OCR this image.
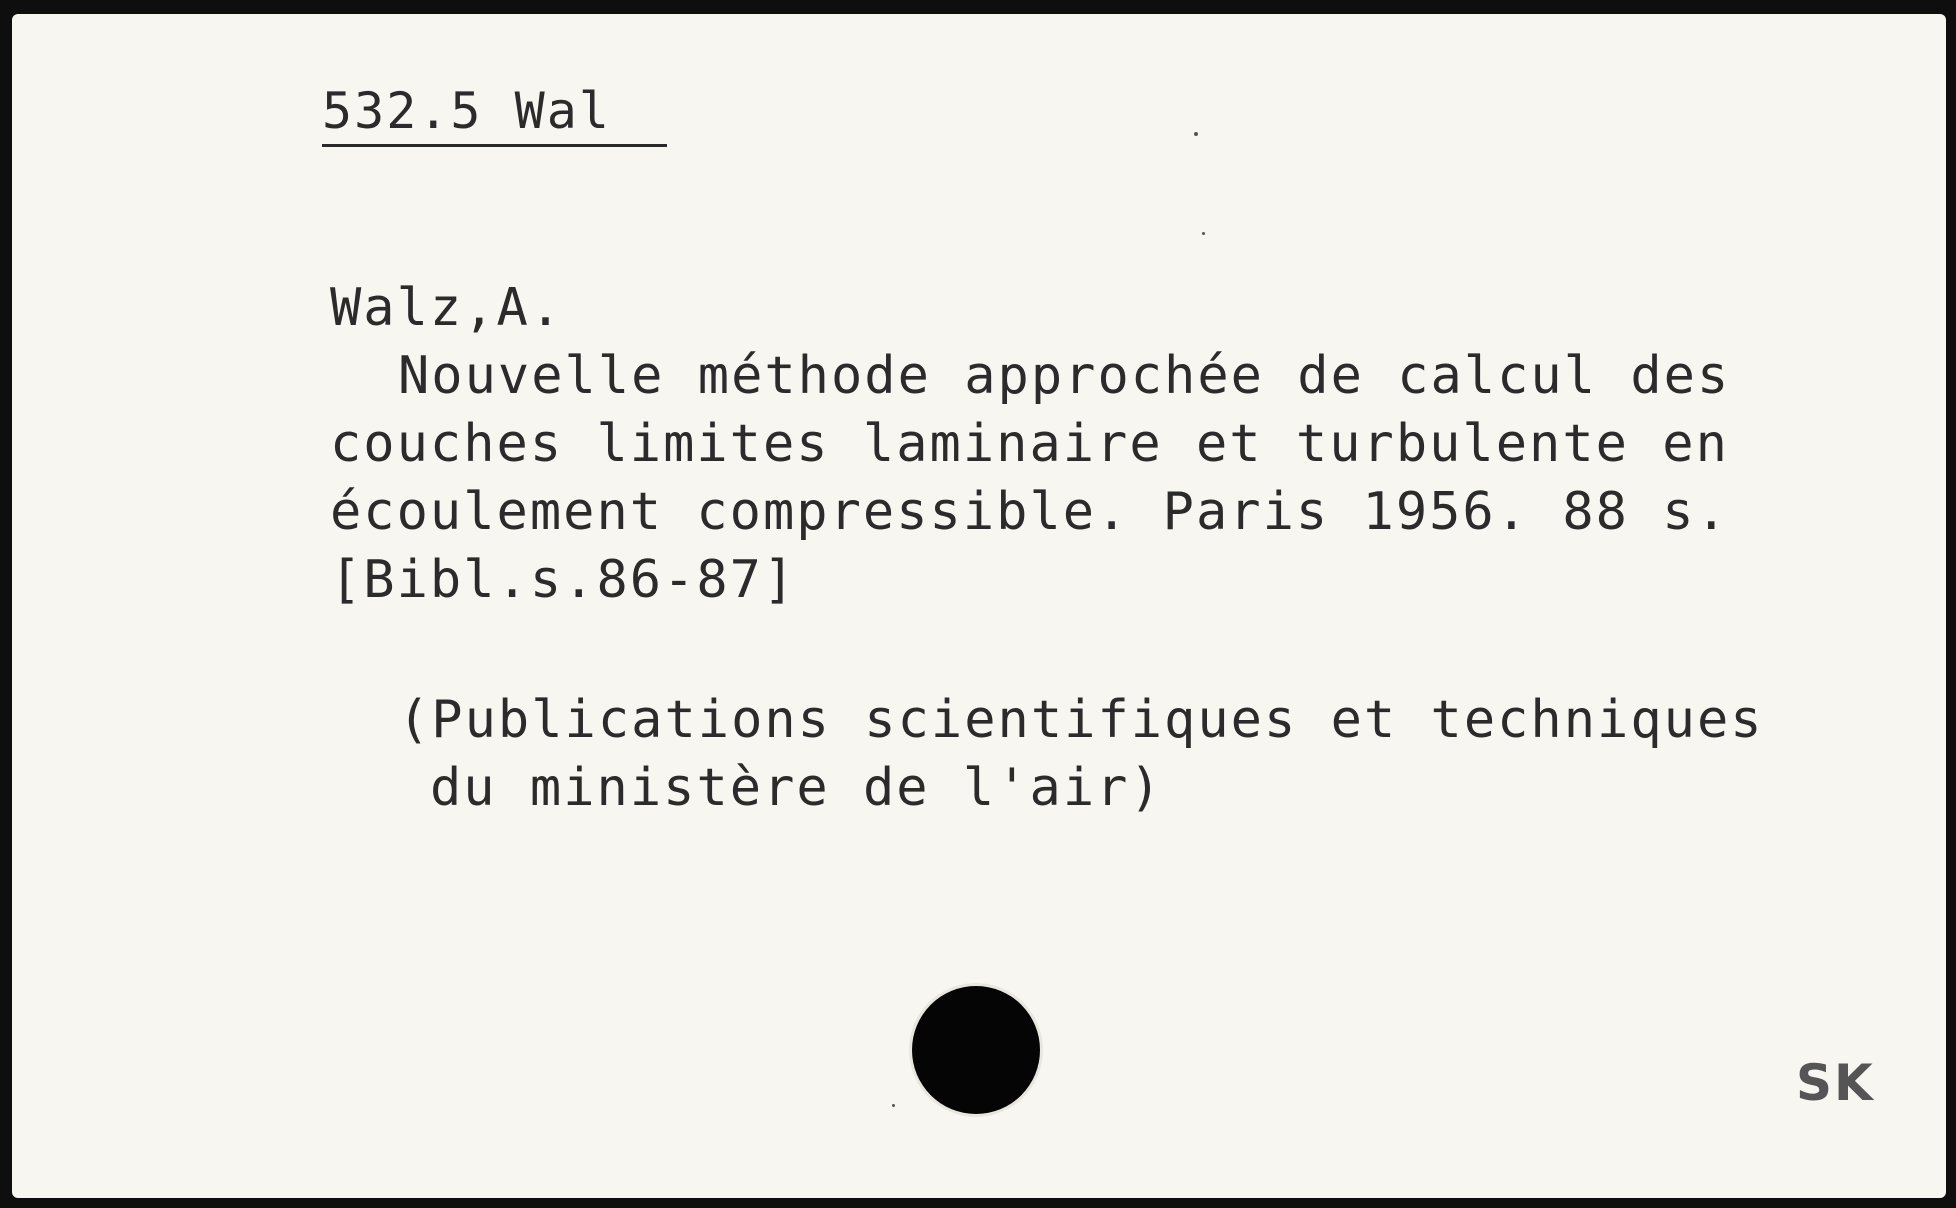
532.5 Wal
Walz,A.
Nouvelle méthode approchée de calcul des
couches limites laminaire et turbulente en
écoulement compressible. Paris 1956. 88 s.
[Bibl.s.86-87]
(Publications scientifiques et techniques
du ministère de l'air)
SK
